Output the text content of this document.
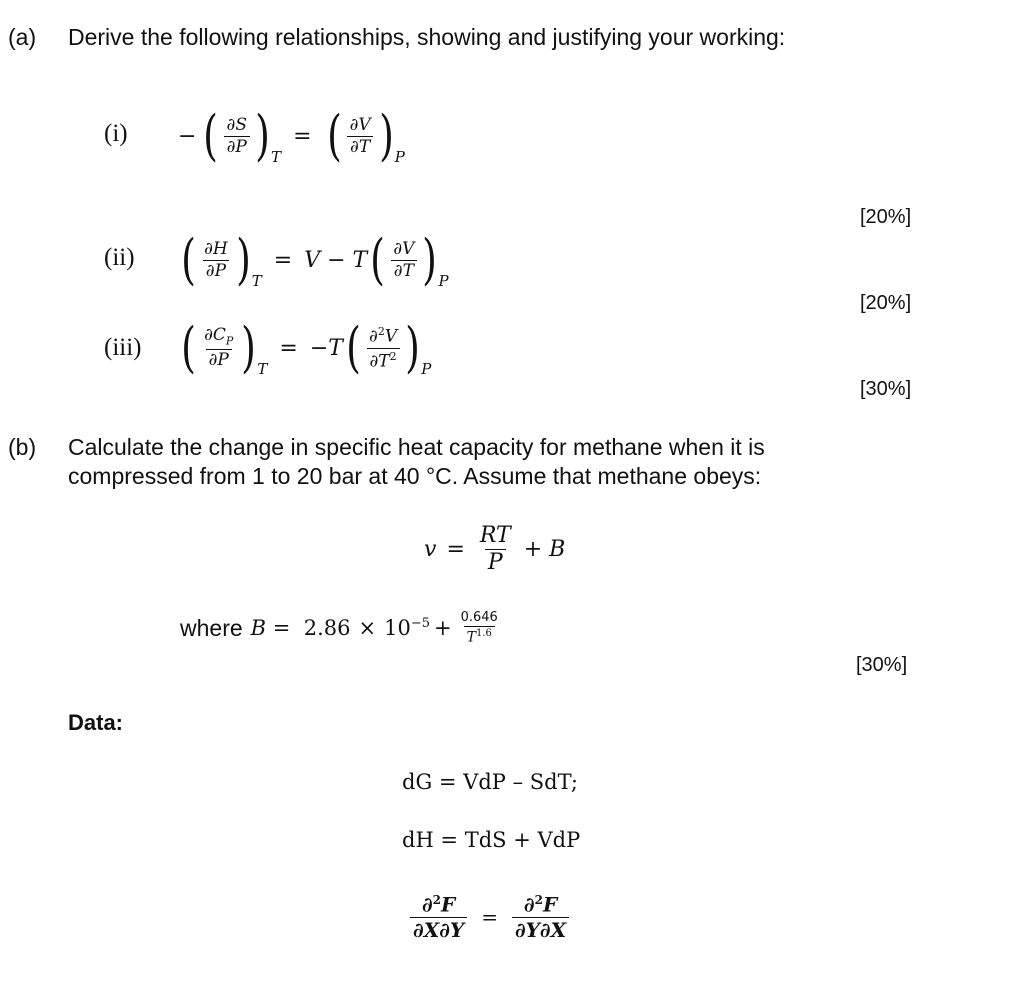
(a) Derive the following relationships, showing and justifying your working:
(i) − ( $\frac{\partial S}{\partial P}$ ) T
= ( $\frac{\partial V}{\partial T}$ ) P
[20%]
(ii) ( $\frac{\partial H}{\partial P}$ ) T
= V − T ( $\frac{\partial V}{\partial T}$ ) P
[20%]
(iii) ( $\frac{\partial C_P}{\partial P}$ ) T
= −T ( $\frac{\partial^2V}{\partial T^2}$ ) P
[30%]
(b) Calculate the change in specific heat capacity for methane when it is
compressed from 1 to 20 bar at 40 °C. Assume that methane obeys:
$v = \frac{RT}{P} + B$
where $B = 2.86 \times 10^{-5} + \frac{0.646}{T^{1.6}}$
[30%]
Data:
dG = VdP – SdT;
dH = TdS + VdP
$\frac{\partial^2F}{\partial X\partial Y} = \frac{\partial^2F}{\partial Y\partial X}$
